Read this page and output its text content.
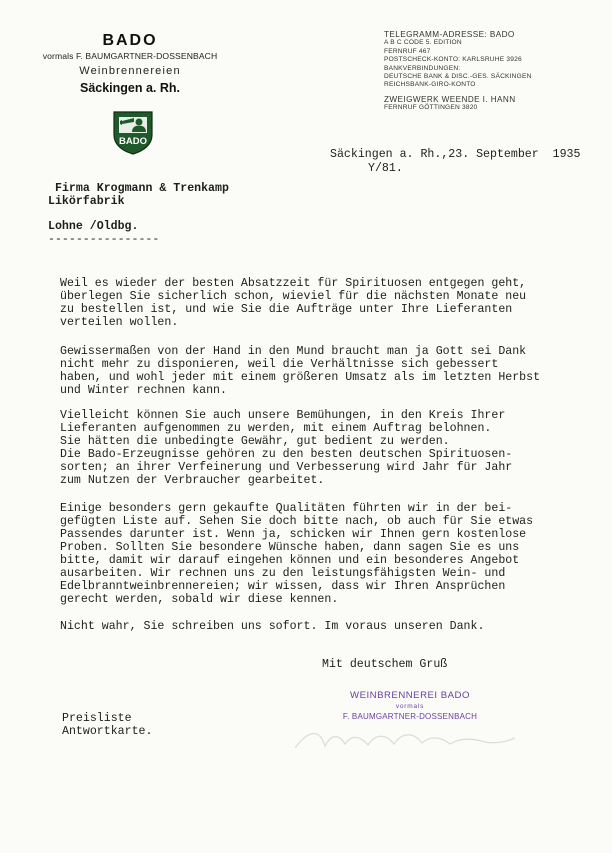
BADO
vormals F. BAUMGARTNER-DOSSENBACH
Weinbrennereien
Säckingen a. Rh.
BADO
TELEGRAMM-ADRESSE: BADO
A B C CODE 5. EDITION
FERNRUF 467
POSTSCHECK-KONTO: KARLSRUHE 3926
BANKVERBINDUNGEN:
DEUTSCHE BANK & DISC.-GES. SÄCKINGEN
REICHSBANK-GIRO-KONTO
ZWEIGWERK WEENDE I. HANN
FERNRUF GÖTTINGEN 3820
Säckingen a. Rh.,23. September  1935
Y/81.
Firma Krogmann & Trenkamp
Likörfabrik
Lohne /Oldbg.
----------------
Weil es wieder der besten Absatzzeit für Spirituosen entgegen geht,
überlegen Sie sicherlich schon, wieviel für die nächsten Monate neu
zu bestellen ist, und wie Sie die Aufträge unter Ihre Lieferanten
verteilen wollen.
Gewissermaßen von der Hand in den Mund braucht man ja Gott sei Dank
nicht mehr zu disponieren, weil die Verhältnisse sich gebessert
haben, und wohl jeder mit einem größeren Umsatz als im letzten Herbst
und Winter rechnen kann.
Vielleicht können Sie auch unsere Bemühungen, in den Kreis Ihrer
Lieferanten aufgenommen zu werden, mit einem Auftrag belohnen.
Sie hätten die unbedingte Gewähr, gut bedient zu werden.
Die Bado-Erzeugnisse gehören zu den besten deutschen Spirituosen-
sorten; an ihrer Verfeinerung und Verbesserung wird Jahr für Jahr
zum Nutzen der Verbraucher gearbeitet.
Einige besonders gern gekaufte Qualitäten führten wir in der bei-
gefügten Liste auf. Sehen Sie doch bitte nach, ob auch für Sie etwas
Passendes darunter ist. Wenn ja, schicken wir Ihnen gern kostenlose
Proben. Sollten Sie besondere Wünsche haben, dann sagen Sie es uns
bitte, damit wir darauf eingehen können und ein besonderes Angebot
ausarbeiten. Wir rechnen uns zu den leistungsfähigsten Wein- und
Edelbranntweinbrennereien; wir wissen, dass wir Ihren Ansprüchen
gerecht werden, sobald wir diese kennen.
Nicht wahr, Sie schreiben uns sofort. Im voraus unseren Dank.
Mit deutschem Gruß
WEINBRENNEREI BADO
vormals
F. BAUMGARTNER-DOSSENBACH
Preisliste
Antwortkarte.
